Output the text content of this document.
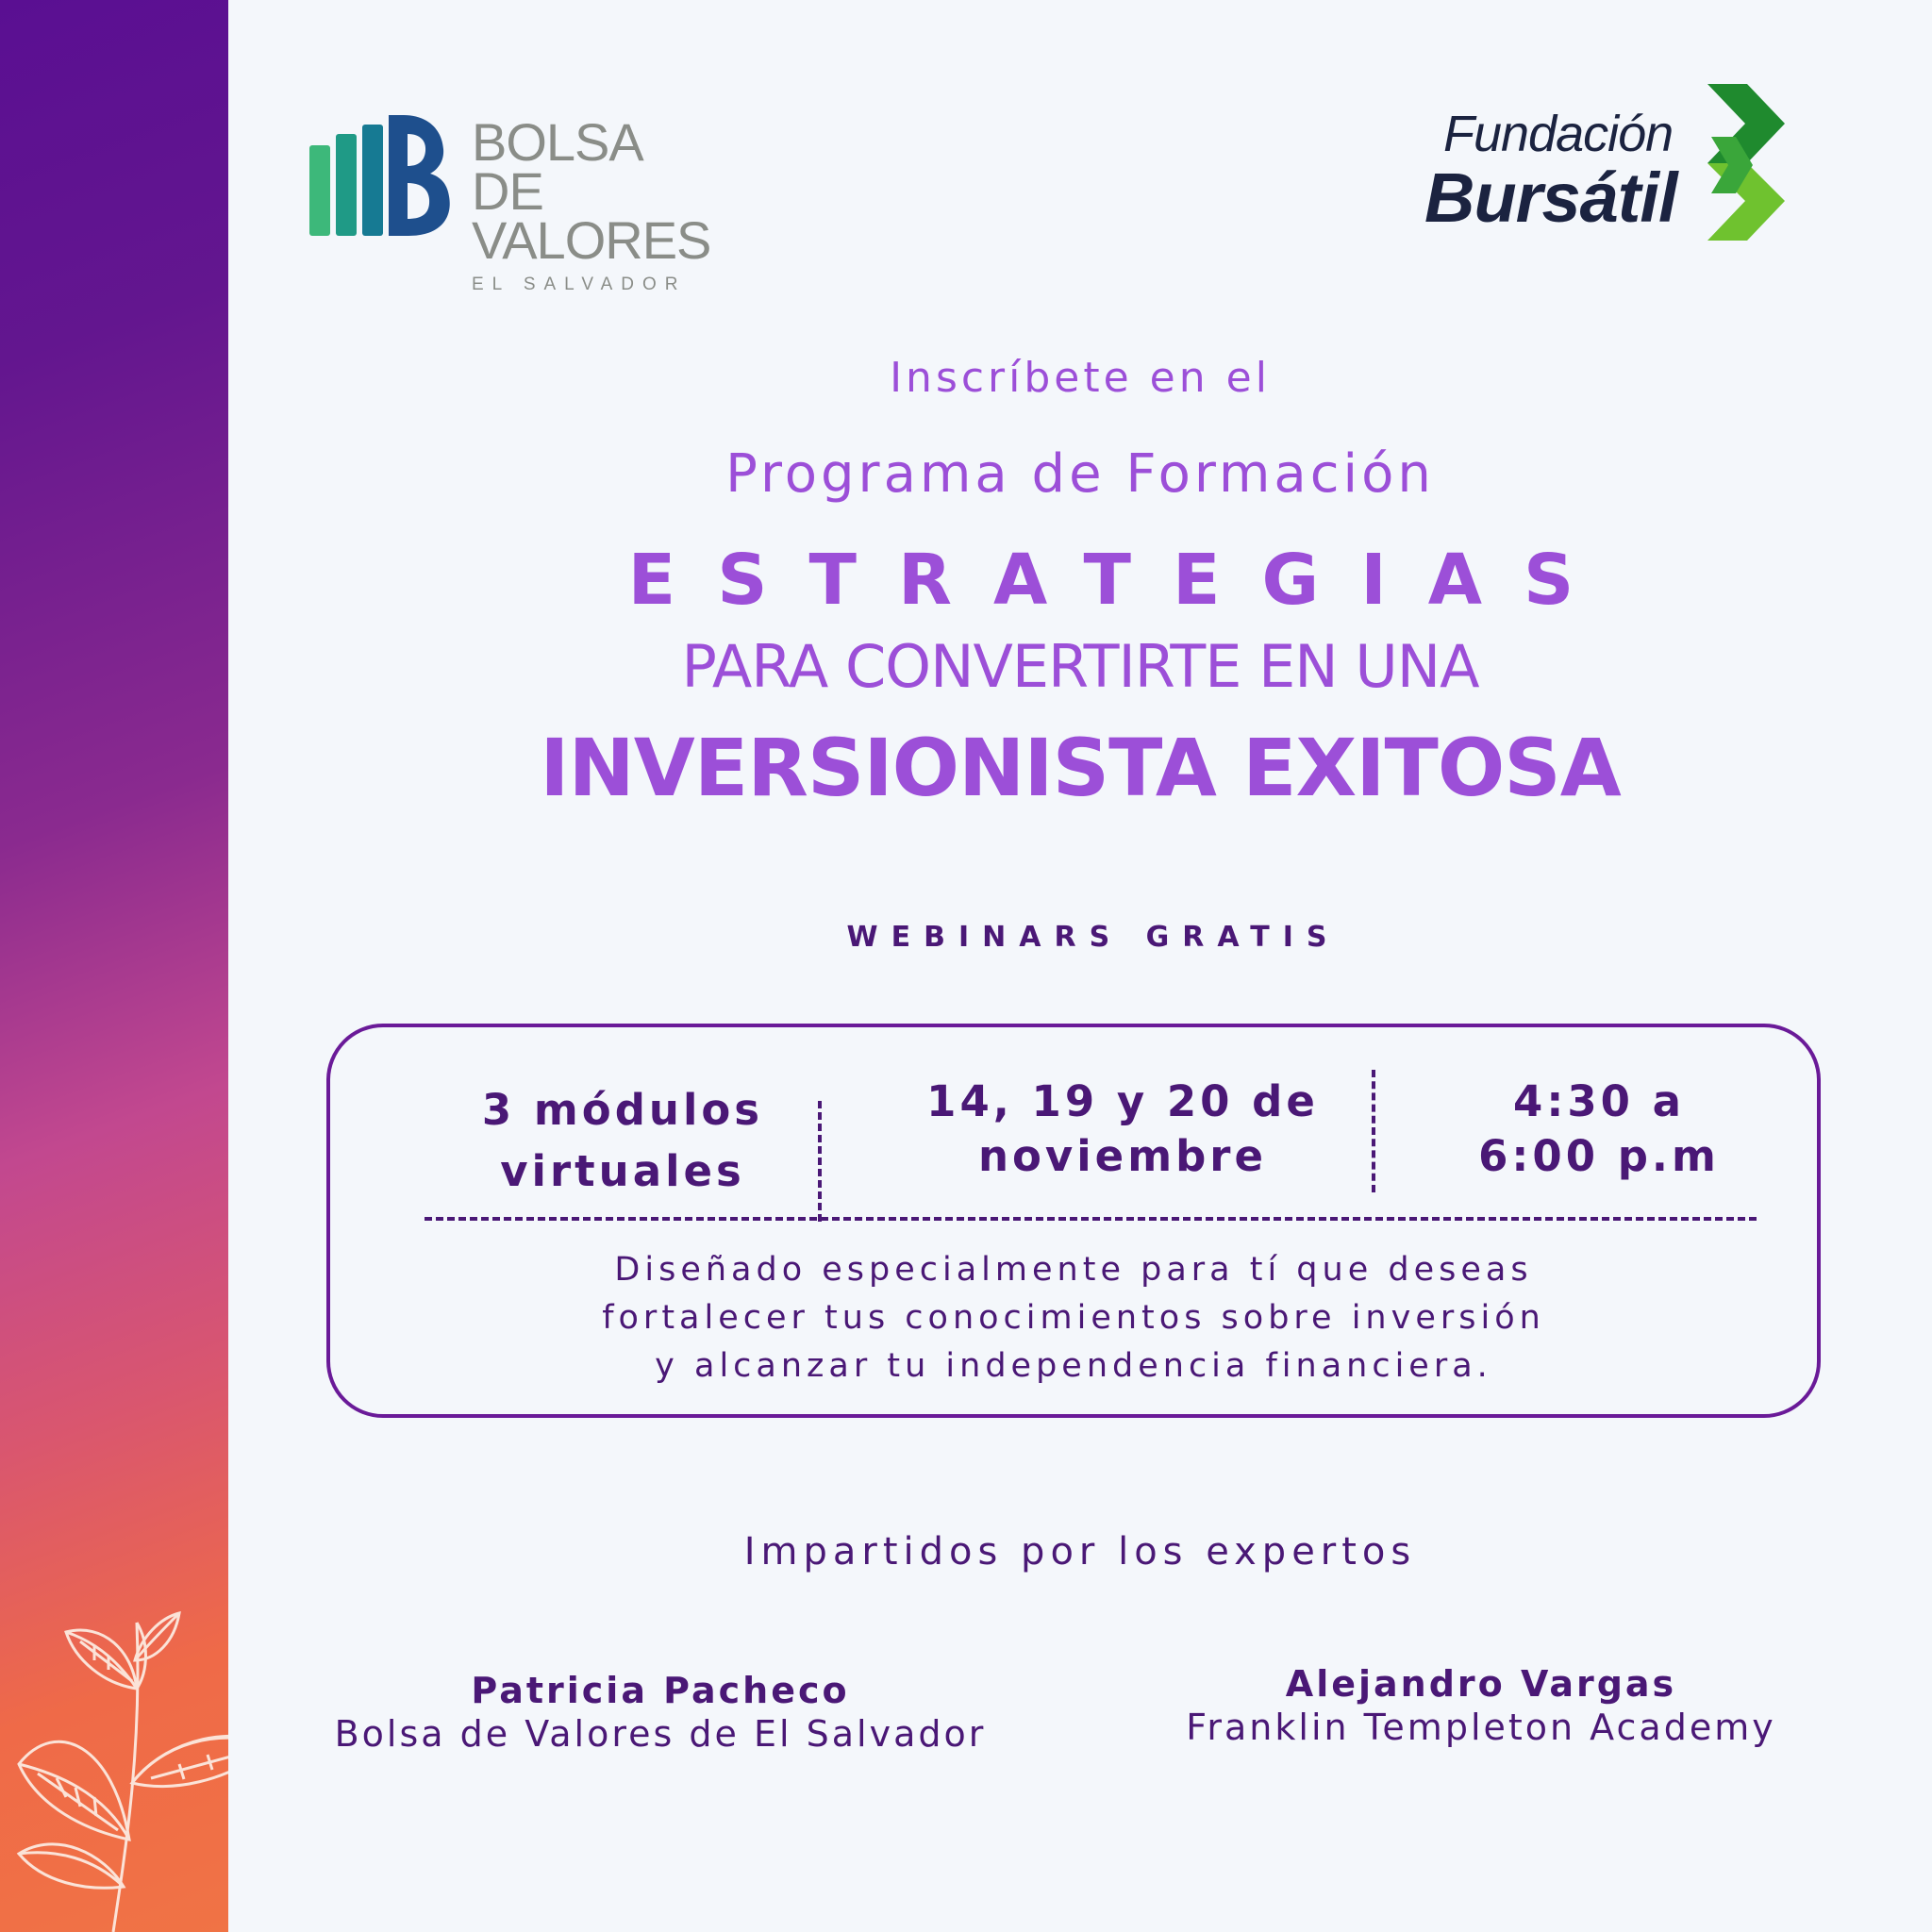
BOLSA DE
VALORES
EL SALVADOR
Fundación
Bursátil
Inscríbete en el
Programa de Formación
ESTRATEGIAS
PARA CONVERTIRTE EN UNA
INVERSIONISTA EXITOSA
WEBINARS GRATIS
3 módulos
virtuales
14, 19 y 20 de
noviembre
4:30 a
6:00 p.m
Diseñado especialmente para tí que deseas
fortalecer tus conocimientos sobre inversión
y alcanzar tu independencia financiera.
Impartidos por los expertos
Patricia Pacheco
Bolsa de Valores de El Salvador
Alejandro Vargas
Franklin Templeton Academy
